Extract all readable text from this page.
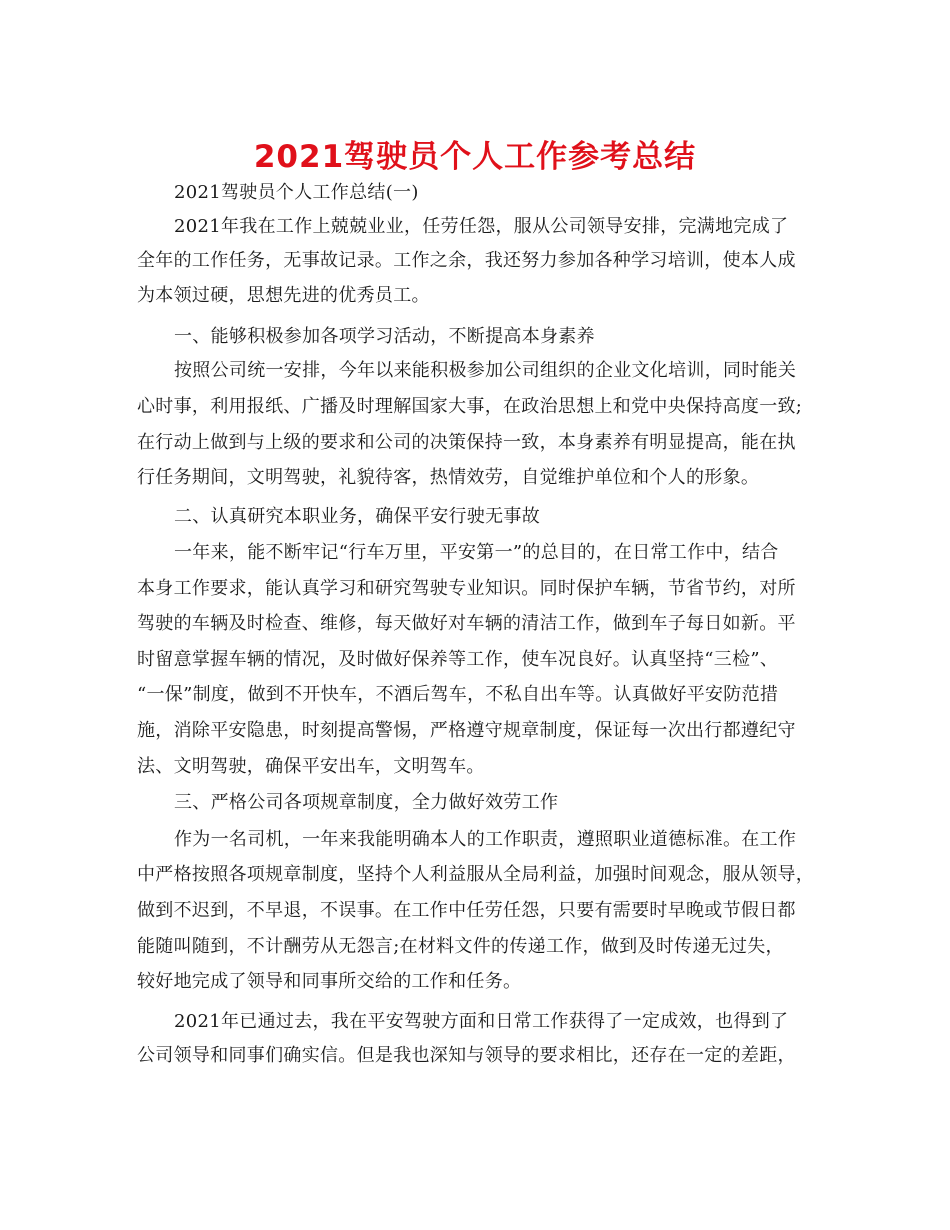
2021驾驶员个人工作参考总结
2021驾驶员个人工作总结(一)
2021年我在工作上兢兢业业，任劳任怨，服从公司领导安排，完满地完成了
全年的工作任务，无事故记录。工作之余，我还努力参加各种学习培训，使本人成
为本领过硬，思想先进的优秀员工。
一、能够积极参加各项学习活动，不断提高本身素养
按照公司统一安排，今年以来能积极参加公司组织的企业文化培训，同时能关
心时事，利用报纸、广播及时理解国家大事，在政治思想上和党中央保持高度一致;
在行动上做到与上级的要求和公司的决策保持一致，本身素养有明显提高，能在执
行任务期间，文明驾驶，礼貌待客，热情效劳，自觉维护单位和个人的形象。
二、认真研究本职业务，确保平安行驶无事故
一年来，能不断牢记“行车万里，平安第一”的总目的，在日常工作中，结合
本身工作要求，能认真学习和研究驾驶专业知识。同时保护车辆，节省节约，对所
驾驶的车辆及时检查、维修，每天做好对车辆的清洁工作，做到车子每日如新。平
时留意掌握车辆的情况，及时做好保养等工作，使车况良好。认真坚持“三检”、
“一保”制度，做到不开快车，不酒后驾车，不私自出车等。认真做好平安防范措
施，消除平安隐患，时刻提高警惕，严格遵守规章制度，保证每一次出行都遵纪守
法、文明驾驶，确保平安出车，文明驾车。
三、严格公司各项规章制度，全力做好效劳工作
作为一名司机，一年来我能明确本人的工作职责，遵照职业道德标准。在工作
中严格按照各项规章制度，坚持个人利益服从全局利益，加强时间观念，服从领导，
做到不迟到，不早退，不误事。在工作中任劳任怨，只要有需要时早晚或节假日都
能随叫随到，不计酬劳从无怨言;在材料文件的传递工作，做到及时传递无过失，
较好地完成了领导和同事所交给的工作和任务。
2021年已通过去，我在平安驾驶方面和日常工作获得了一定成效，也得到了
公司领导和同事们确实信。但是我也深知与领导的要求相比，还存在一定的差距，
